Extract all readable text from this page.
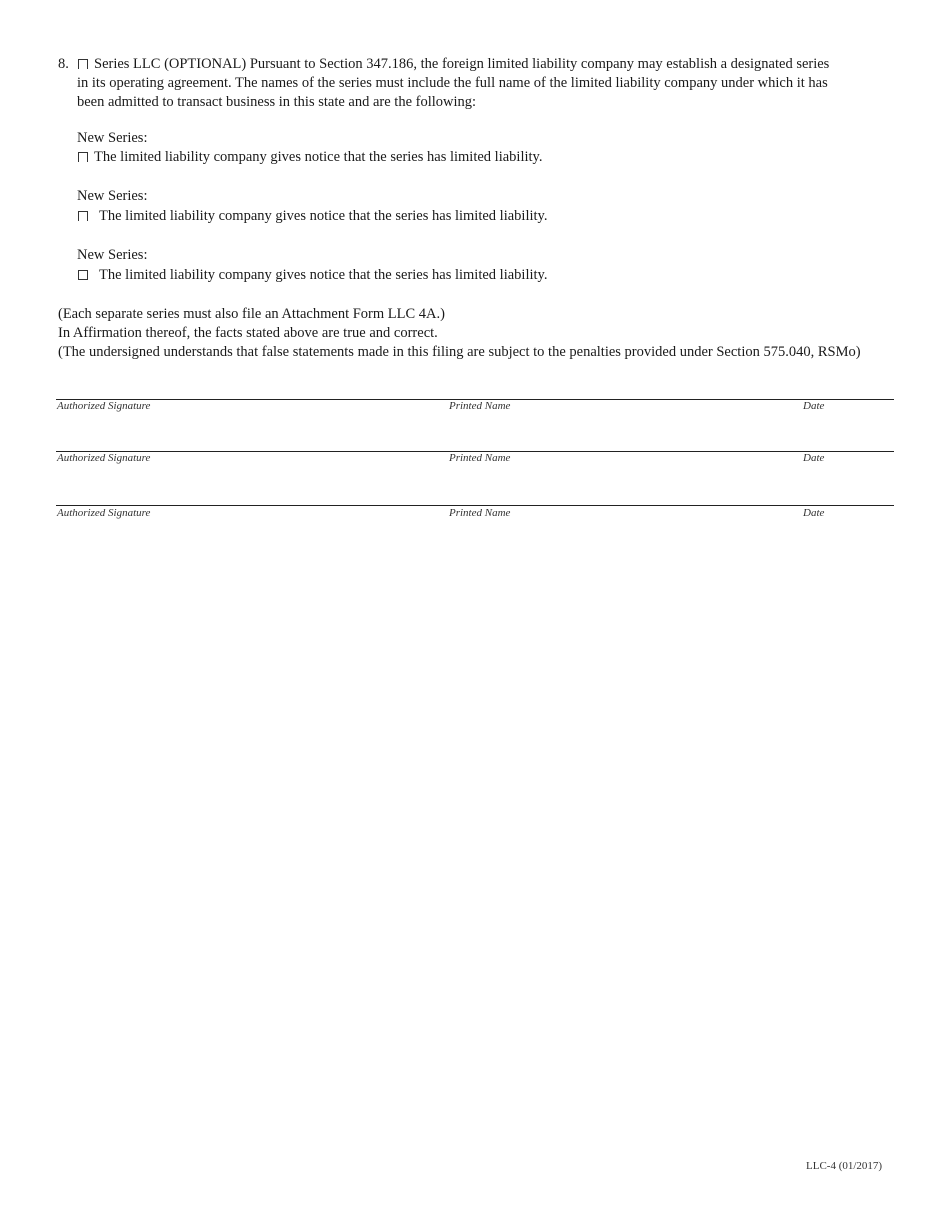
8. Series LLC (OPTIONAL) Pursuant to Section 347.186, the foreign limited liability company may establish a designated series
in its operating agreement. The names of the series must include the full name of the limited liability company under which it has
been admitted to transact business in this state and are the following:
New Series:
The limited liability company gives notice that the series has limited liability.
New Series:
The limited liability company gives notice that the series has limited liability.
New Series:
The limited liability company gives notice that the series has limited liability.
(Each separate series must also file an Attachment Form LLC 4A.)
In Affirmation thereof, the facts stated above are true and correct.
(The undersigned understands that false statements made in this filing are subject to the penalties provided under Section 575.040, RSMo)
Authorized Signature	Printed Name	Date
Authorized Signature	Printed Name	Date
Authorized Signature	Printed Name	Date
LLC-4 (01/2017)
